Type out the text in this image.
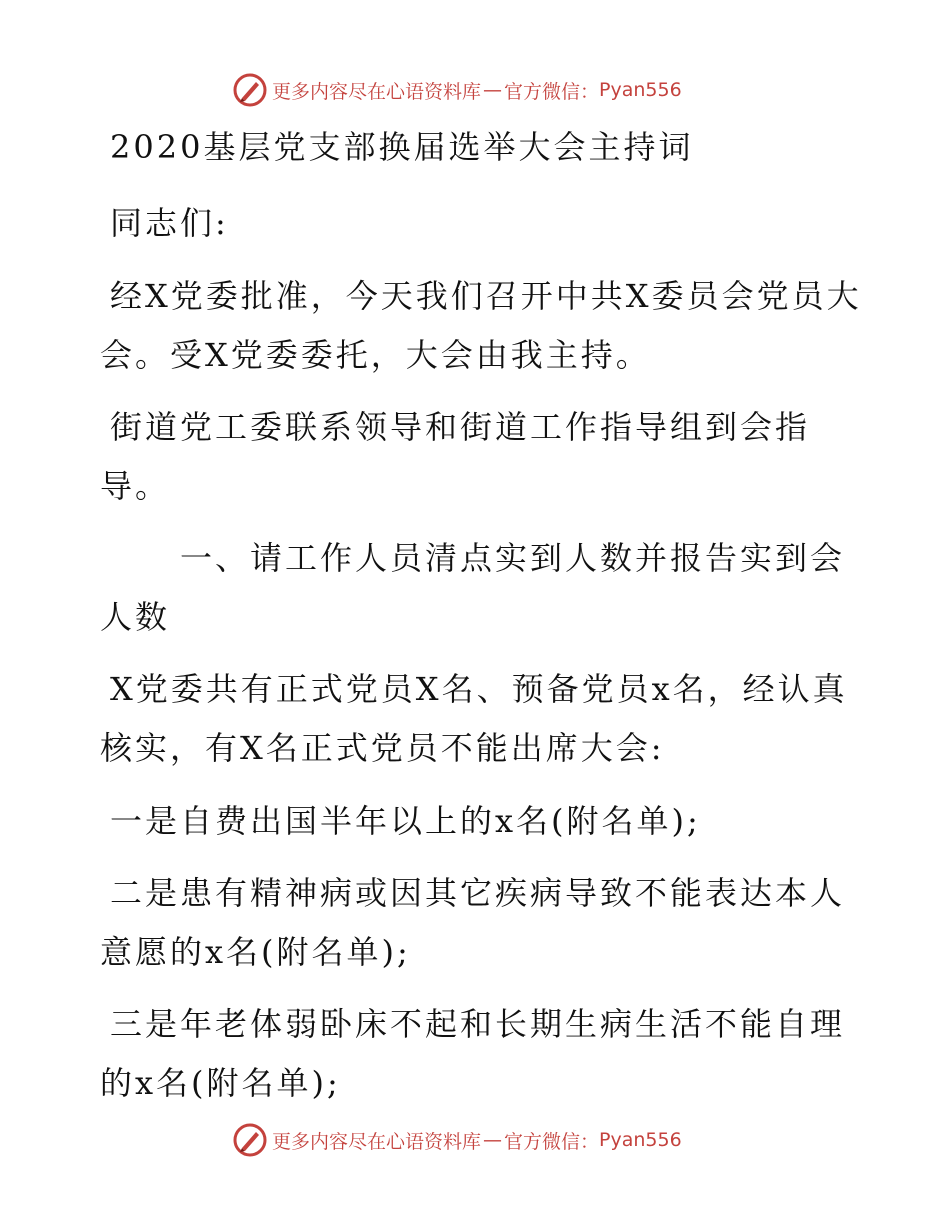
更多内容尽在心语资料库 — 官方微信： Pyan556
2020基层党支部换届选举大会主持词
同志们:
经X党委批准，今天我们召开中共X委员会党员大
会。受X党委委托，大会由我主持。
街道党工委联系领导和街道工作指导组到会指
导。
一、请工作人员清点实到人数并报告实到会
人数
X党委共有正式党员X名、预备党员x名，经认真
核实，有X名正式党员不能出席大会:
一是自费出国半年以上的x名(附名单);
二是患有精神病或因其它疾病导致不能表达本人
意愿的x名(附名单);
三是年老体弱卧床不起和长期生病生活不能自理
的x名(附名单);
更多内容尽在心语资料库 — 官方微信： Pyan556
